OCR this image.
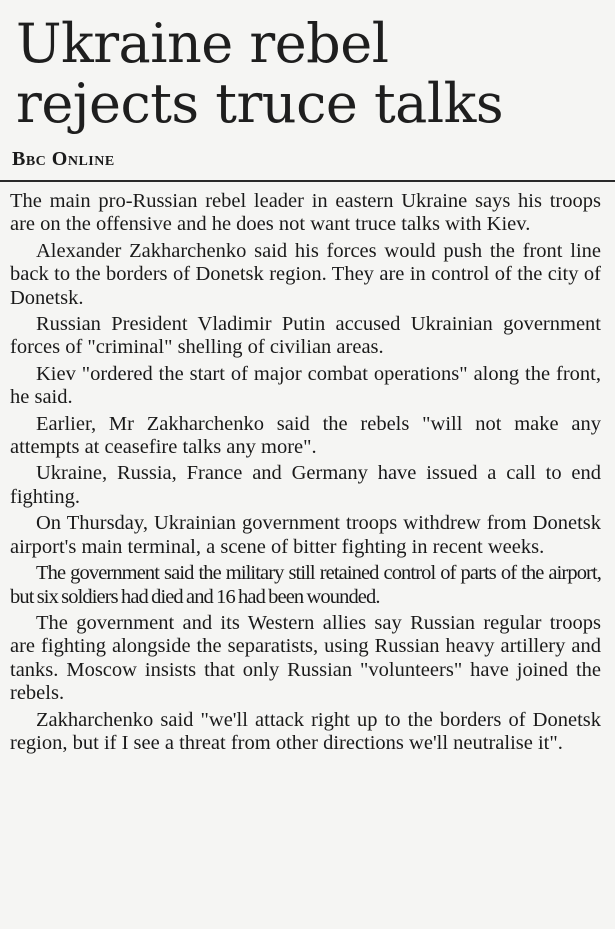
Ukraine rebel
rejects truce talks
Bbc Online

The main pro-Russian rebel leader in eastern Ukraine says his troops are on the offensive and he does not want truce talks with Kiev.

Alexander Zakharchenko said his forces would push the front line back to the borders of Donetsk region. They are in control of the city of Donetsk.

Russian President Vladimir Putin accused Ukrainian government forces of "criminal" shelling of civilian areas.

Kiev "ordered the start of major combat operations" along the front, he said.

Earlier, Mr Zakharchenko said the rebels "will not make any attempts at ceasefire talks any more".

Ukraine, Russia, France and Germany have issued a call to end fighting.

On Thursday, Ukrainian government troops withdrew from Donetsk airport's main terminal, a scene of bitter fighting in recent weeks.

The government said the military still retained control of parts of the airport, but six soldiers had died and 16 had been wounded.

The government and its Western allies say Russian regular troops are fighting alongside the separatists, using Russian heavy artillery and tanks. Moscow insists that only Russian "volunteers" have joined the rebels.

Zakharchenko said "we'll attack right up to the borders of Donetsk region, but if I see a threat from other directions we'll neutralise it".
